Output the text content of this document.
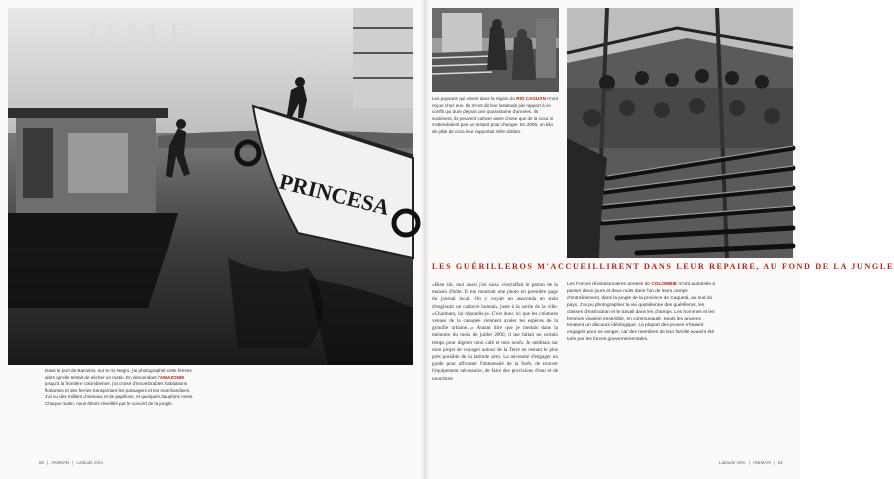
O M F
M
PRINCESA
Dans le port de Barcelos, sur le rio Negro, j'ai photographié cette femme alors qu'elle tentait de sécher un matin. En descendant l'AMAZONIE jusqu'à la frontière colombienne, j'ai croisé d'innombrables habitations flottantes et des ferries transportant les passagers et les marchandises. J'ai vu des milliers d'oiseaux et de papillons, et quelques dauphins roses. Chaque matin, nous étions réveillés par le concert de la jungle.
Les paysans qui vivent dans la région du RIO CAGUÁN m'ont reçue chez eux. Ils m'ont dit leur lassitude par rapport à ce conflit qui dure depuis une quarantaine d'années. Ils soulèvent, ils peuvent cultiver autre chose que de la coca ni s'attendraient pas un instant pour changer. En 2000, un kilo de pâte de coca leur rapportait mille dollars.
LES GUÉRILLEROS M'ACCUEILLIRENT DANS LEUR REPAIRE, AU FOND DE LA JUNGLE
«Bien sûr, moi aussi j'en suis» s'esclaffait le patron de la maison d'hôte. Il me montrait une photo en première page du journal local. On y voyait un anaconda en train d'engloutir un cadavre humain, juste à la sortie de la ville. «Charmant, lui répondis-je. C'est donc ici que les créatures venues de la canopée viennent avaler les espèces de la grouille urbaine...» Autant dire que je mettais dans la mémoire du mois de juillet 2000, il me fallait un certain temps pour digérer mon café et mes oeufs. Je méditais sur mon projet de voyager autour de la Terre en restant le plus près possible de la latitude zéro. La nécessité d'engager un guide pour affronter l'immensité de la forêt, de trouver l'équipement nécessaire, de faire des provisions d'eau et de nourriture
Les Forces révolutionnaires armées de COLOMBIE m'ont autorisée à passer deux jours et deux nuits dans l'un de leurs camps d'entraînement, dans la jungle de la province de Caquetá, au sud du pays. J'ai pu photographier la vie quotidienne des guérilleros, les classes d'instruction et le travail dans les champs. Les hommes et les femmes vivaient ensemble, en communauté. Seuls les anciens tenaient un discours idéologique. La plupart des jeunes s'étaient engagés pour se venger, car des membres de leur famille avaient été tués par les forces gouvernementales.
80 | ANIMAN | Latitude zéro	Latitude zéro | ANIMAN | 81
